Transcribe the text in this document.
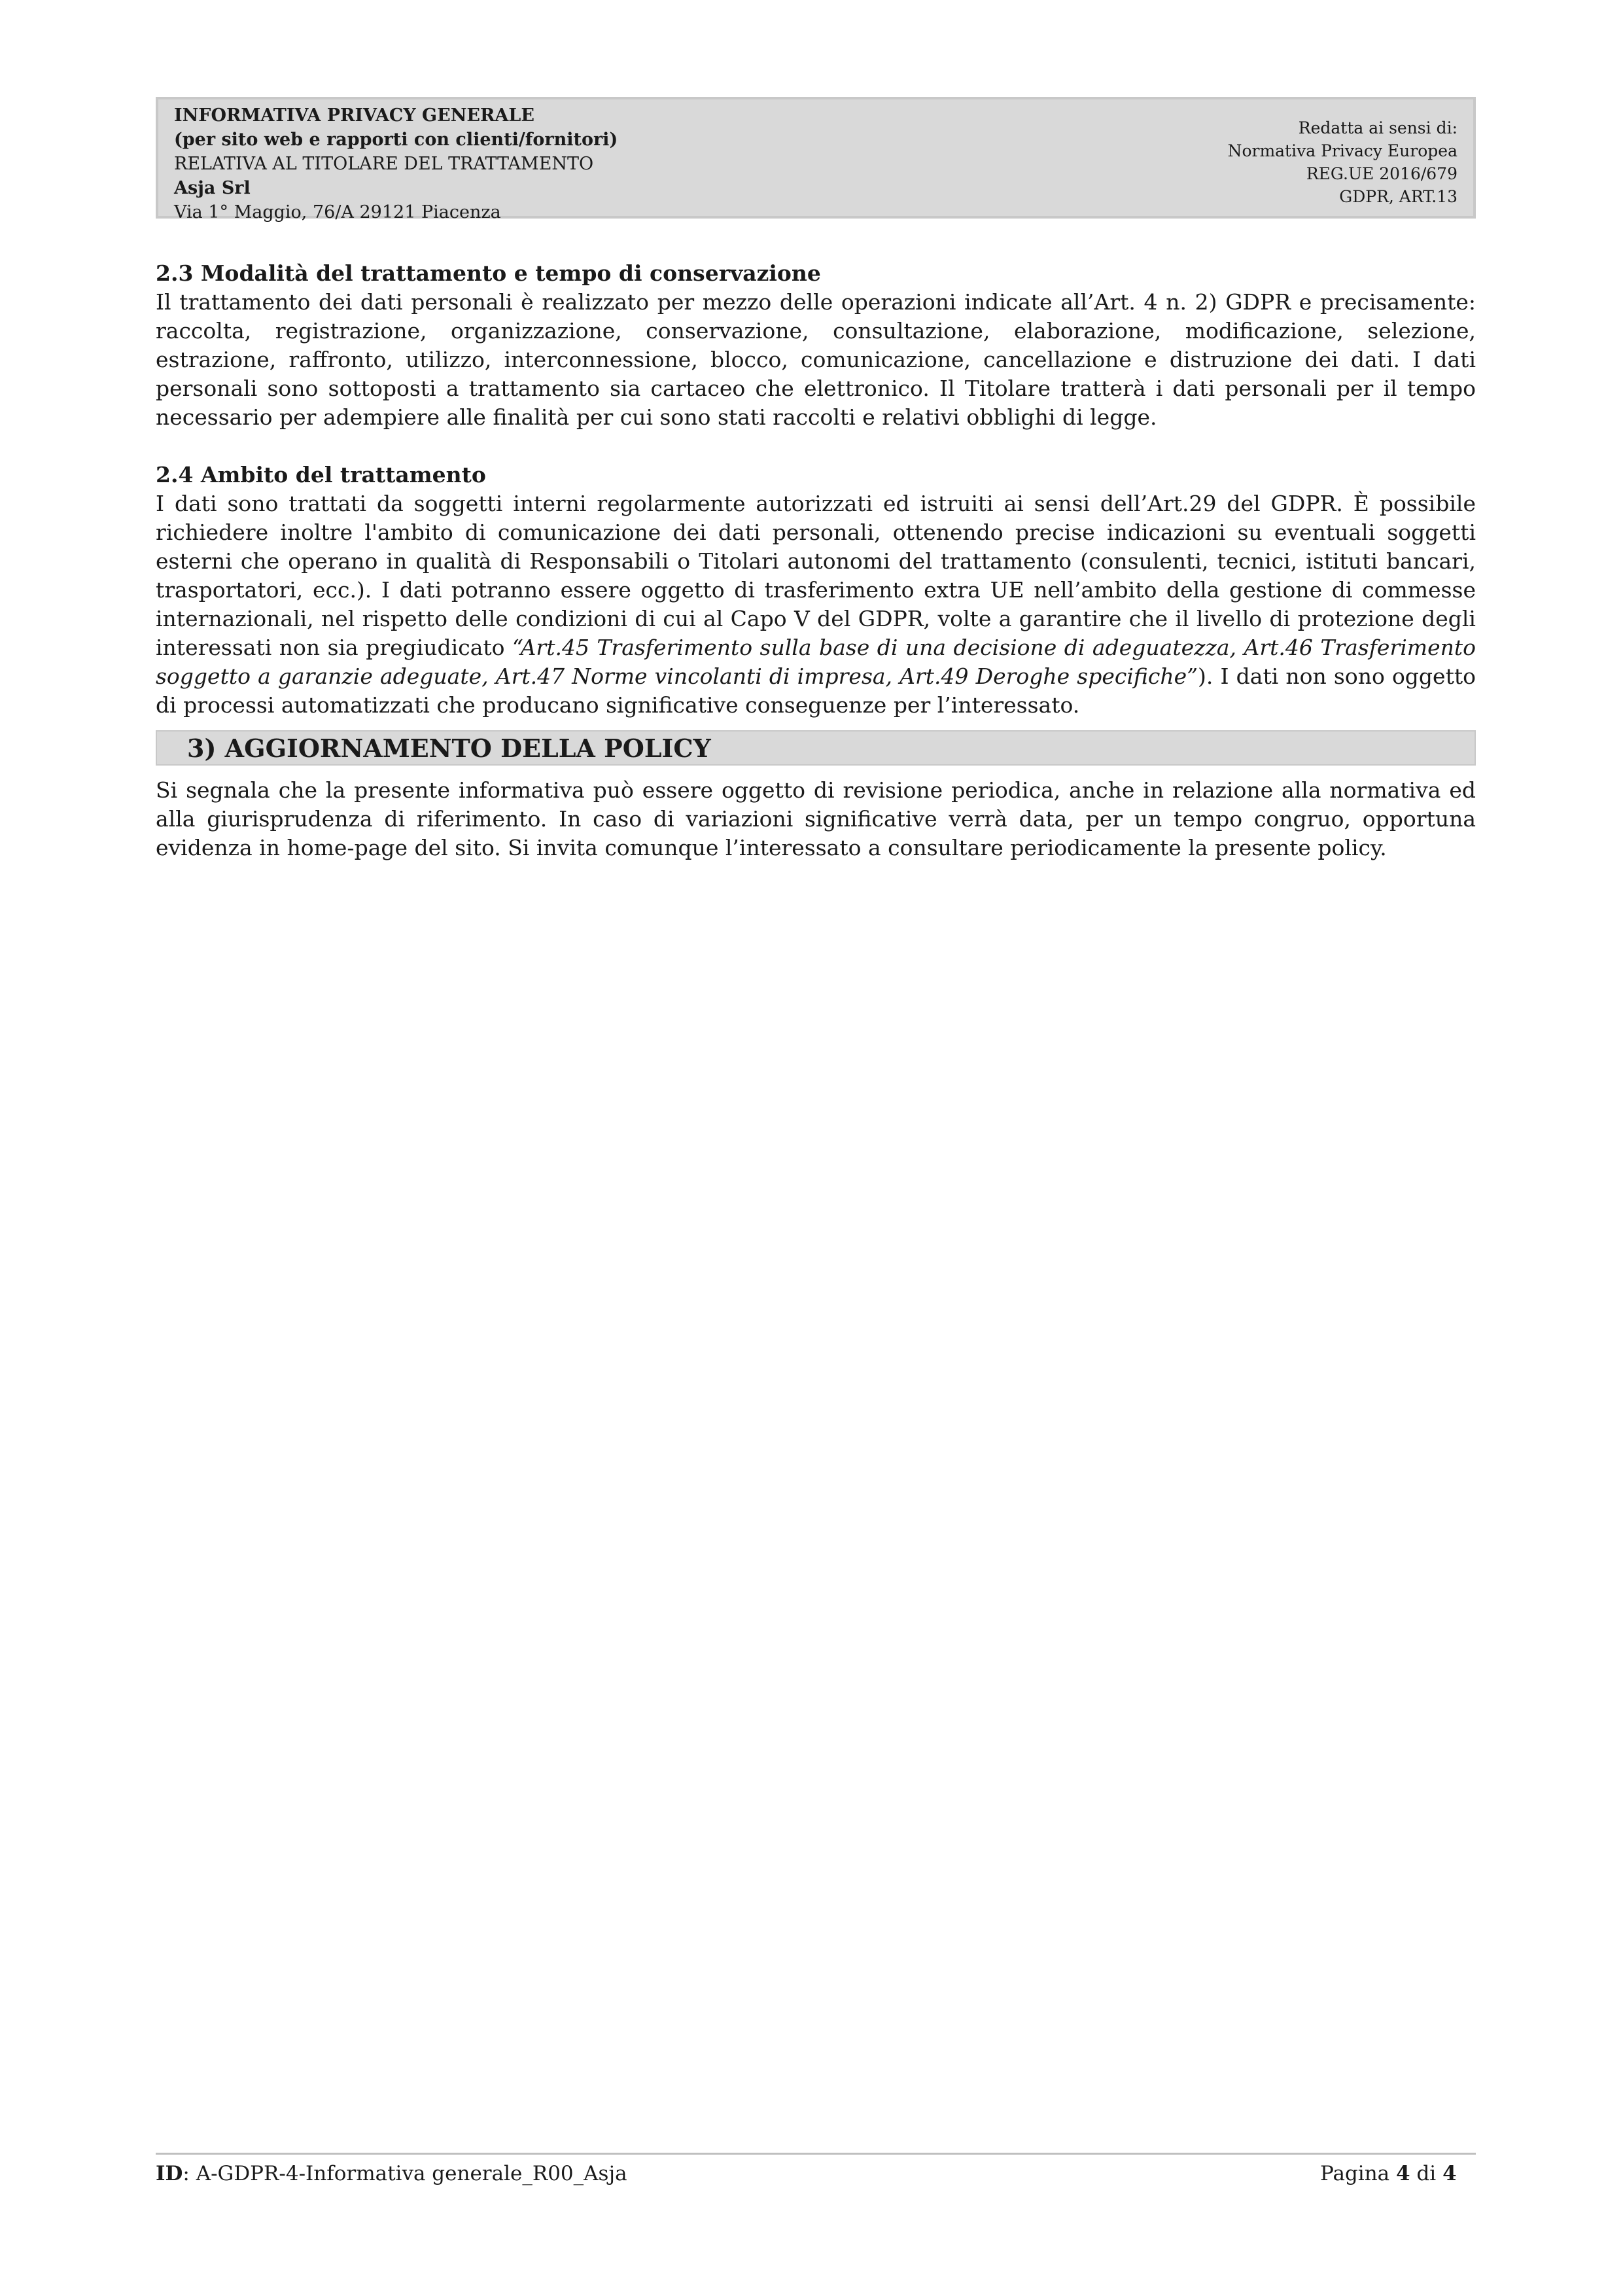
INFORMATIVA PRIVACY GENERALE
(per sito web e rapporti con clienti/fornitori)
RELATIVA AL TITOLARE DEL TRATTAMENTO
Asja Srl
Via 1° Maggio, 76/A 29121 Piacenza
Redatta ai sensi di:
Normativa Privacy Europea
REG.UE 2016/679
GDPR, ART.13

2.3 Modalità del trattamento e tempo di conservazione

Il trattamento dei dati personali è realizzato per mezzo delle operazioni indicate all’Art. 4 n. 2) GDPR e precisamente: raccolta, registrazione, organizzazione, conservazione, consultazione, elaborazione, modificazione, selezione, estrazione, raffronto, utilizzo, interconnessione, blocco, comunicazione, cancellazione e distruzione dei dati. I dati personali sono sottoposti a trattamento sia cartaceo che elettronico. Il Titolare tratterà i dati personali per il tempo necessario per adempiere alle finalità per cui sono stati raccolti e relativi obblighi di legge.

2.4 Ambito del trattamento

I dati sono trattati da soggetti interni regolarmente autorizzati ed istruiti ai sensi dell’Art.29 del GDPR. È possibile richiedere inoltre l'ambito di comunicazione dei dati personali, ottenendo precise indicazioni su eventuali soggetti esterni che operano in qualità di Responsabili o Titolari autonomi del trattamento (consulenti, tecnici, istituti bancari, trasportatori, ecc.). I dati potranno essere oggetto di trasferimento extra UE nell’ambito della gestione di commesse internazionali, nel rispetto delle condizioni di cui al Capo V del GDPR, volte a garantire che il livello di protezione degli interessati non sia pregiudicato “Art.45 Trasferimento sulla base di una decisione di adeguatezza, Art.46 Trasferimento soggetto a garanzie adeguate, Art.47 Norme vincolanti di impresa, Art.49 Deroghe specifiche”). I dati non sono oggetto di processi automatizzati che producano significative conseguenze per l’interessato.

3) AGGIORNAMENTO DELLA POLICY

Si segnala che la presente informativa può essere oggetto di revisione periodica, anche in relazione alla normativa ed alla giurisprudenza di riferimento. In caso di variazioni significative verrà data, per un tempo congruo, opportuna evidenza in home-page del sito. Si invita comunque l’interessato a consultare periodicamente la presente policy.

ID: A-GDPR-4-Informativa generale_R00_Asja	Pagina 4 di 4
